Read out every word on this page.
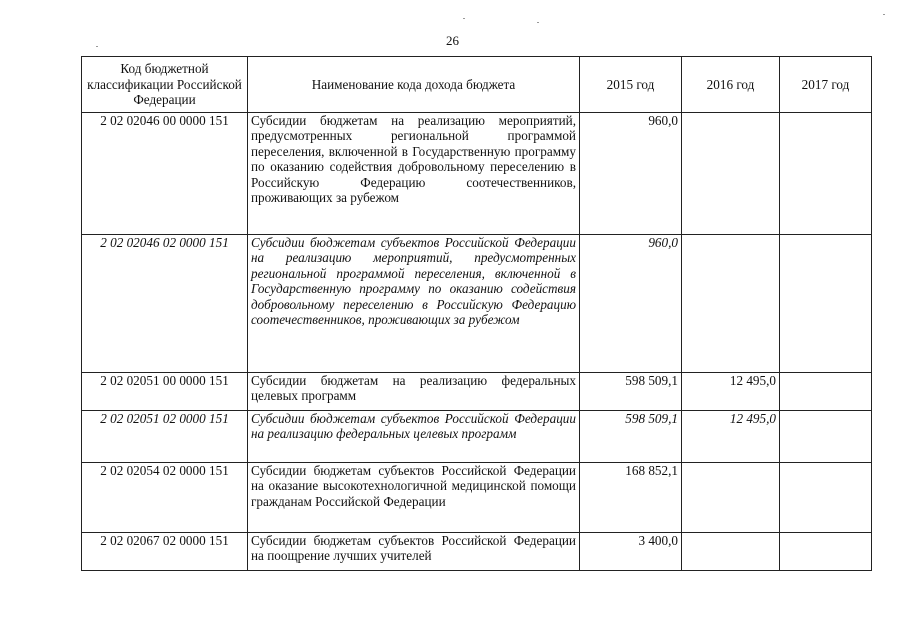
26
Код бюджетной классификации Российской Федерации	Наименование кода дохода бюджета	2015 год	2016 год	2017 год
2 02 02046 00 0000 151	Субсидии бюджетам на реализацию мероприятий, предусмотренных региональной программой переселения, включенной в Государственную программу по оказанию содействия добровольному переселению в Российскую Федерацию соотечественников, проживающих за рубежом	960,0		
2 02 02046 02 0000 151	Субсидии бюджетам субъектов Российской Федерации на реализацию мероприятий, предусмотренных региональной программой переселения, включенной в Государственную программу по оказанию содействия добровольному переселению в Российскую Федерацию соотечественников, проживающих за рубежом	960,0		
2 02 02051 00 0000 151	Субсидии бюджетам на реализацию федеральных целевых программ	598 509,1	12 495,0	
2 02 02051 02 0000 151	Субсидии бюджетам субъектов Российской Федерации на реализацию федеральных целевых программ	598 509,1	12 495,0	
2 02 02054 02 0000 151	Субсидии бюджетам субъектов Российской Федерации на оказание высокотехнологичной медицинской помощи гражданам Российской Федерации	168 852,1		
2 02 02067 02 0000 151	Субсидии бюджетам субъектов Российской Федерации на поощрение лучших учителей	3 400,0		
